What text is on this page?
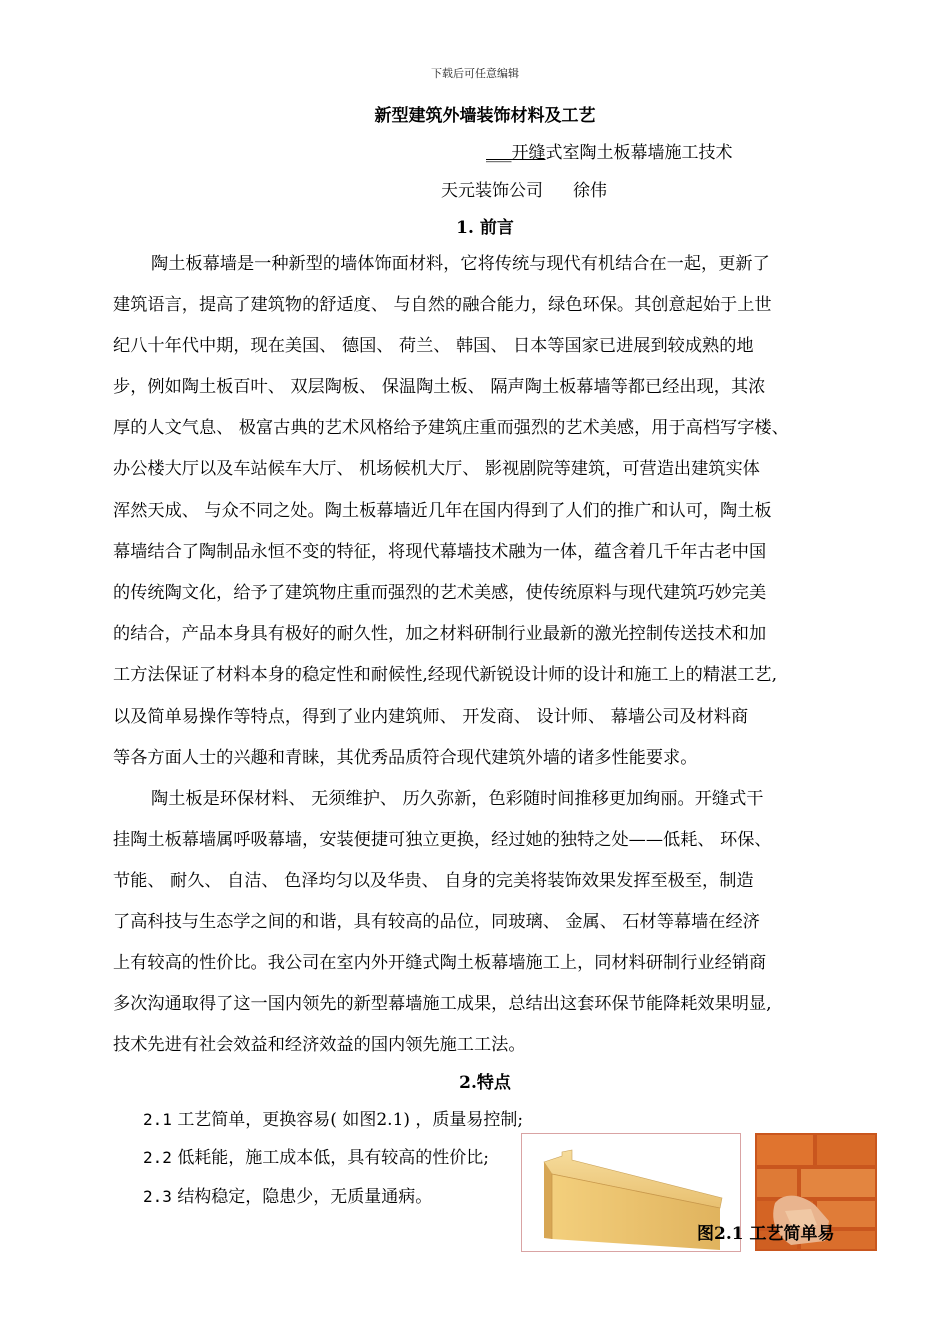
下载后可任意编辑
新型建筑外墙装饰材料及工艺
___开缝式室陶土板幕墙施工技术
天元装饰公司 徐伟
1. 前言
陶土板幕墙是一种新型的墙体饰面材料，它将传统与现代有机结合在一起，更新了
建筑语言，提高了建筑物的舒适度、 与自然的融合能力，绿色环保。其创意起始于上世
纪八十年代中期，现在美国、 德国、 荷兰、 韩国、 日本等国家已进展到较成熟的地
步，例如陶土板百叶、 双层陶板、 保温陶土板、 隔声陶土板幕墙等都已经出现，其浓
厚的人文气息、 极富古典的艺术风格给予建筑庄重而强烈的艺术美感，用于高档写字楼、
办公楼大厅以及车站候车大厅、 机场候机大厅、 影视剧院等建筑，可营造出建筑实体
浑然天成、 与众不同之处。陶土板幕墙近几年在国内得到了人们的推广和认可，陶土板
幕墙结合了陶制品永恒不变的特征，将现代幕墙技术融为一体，蕴含着几千年古老中国
的传统陶文化，给予了建筑物庄重而强烈的艺术美感，使传统原料与现代建筑巧妙完美
的结合，产品本身具有极好的耐久性，加之材料研制行业最新的激光控制传送技术和加
工方法保证了材料本身的稳定性和耐候性,经现代新锐设计师的设计和施工上的精湛工艺,
以及简单易操作等特点，得到了业内建筑师、 开发商、 设计师、 幕墙公司及材料商
等各方面人士的兴趣和青睐，其优秀品质符合现代建筑外墙的诸多性能要求。
陶土板是环保材料、 无须维护、 历久弥新，色彩随时间推移更加绚丽。开缝式干
挂陶土板幕墙属呼吸幕墙，安装便捷可独立更换，经过她的独特之处——低耗、 环保、
节能、 耐久、 自洁、 色泽均匀以及华贵、 自身的完美将装饰效果发挥至极至，制造
了高科技与生态学之间的和谐，具有较高的品位，同玻璃、 金属、 石材等幕墙在经济
上有较高的性价比。我公司在室内外开缝式陶土板幕墙施工上，同材料研制行业经销商
多次沟通取得了这一国内领先的新型幕墙施工成果，总结出这套环保节能降耗效果明显,
技术先进有社会效益和经济效益的国内领先施工工法。
2.特点
2.1 工艺简单，更换容易( 如图2.1) ，质量易控制;
2.2 低耗能，施工成本低，具有较高的性价比;
2.3 结构稳定，隐患少，无质量通病。
图2.1 工艺简单易
